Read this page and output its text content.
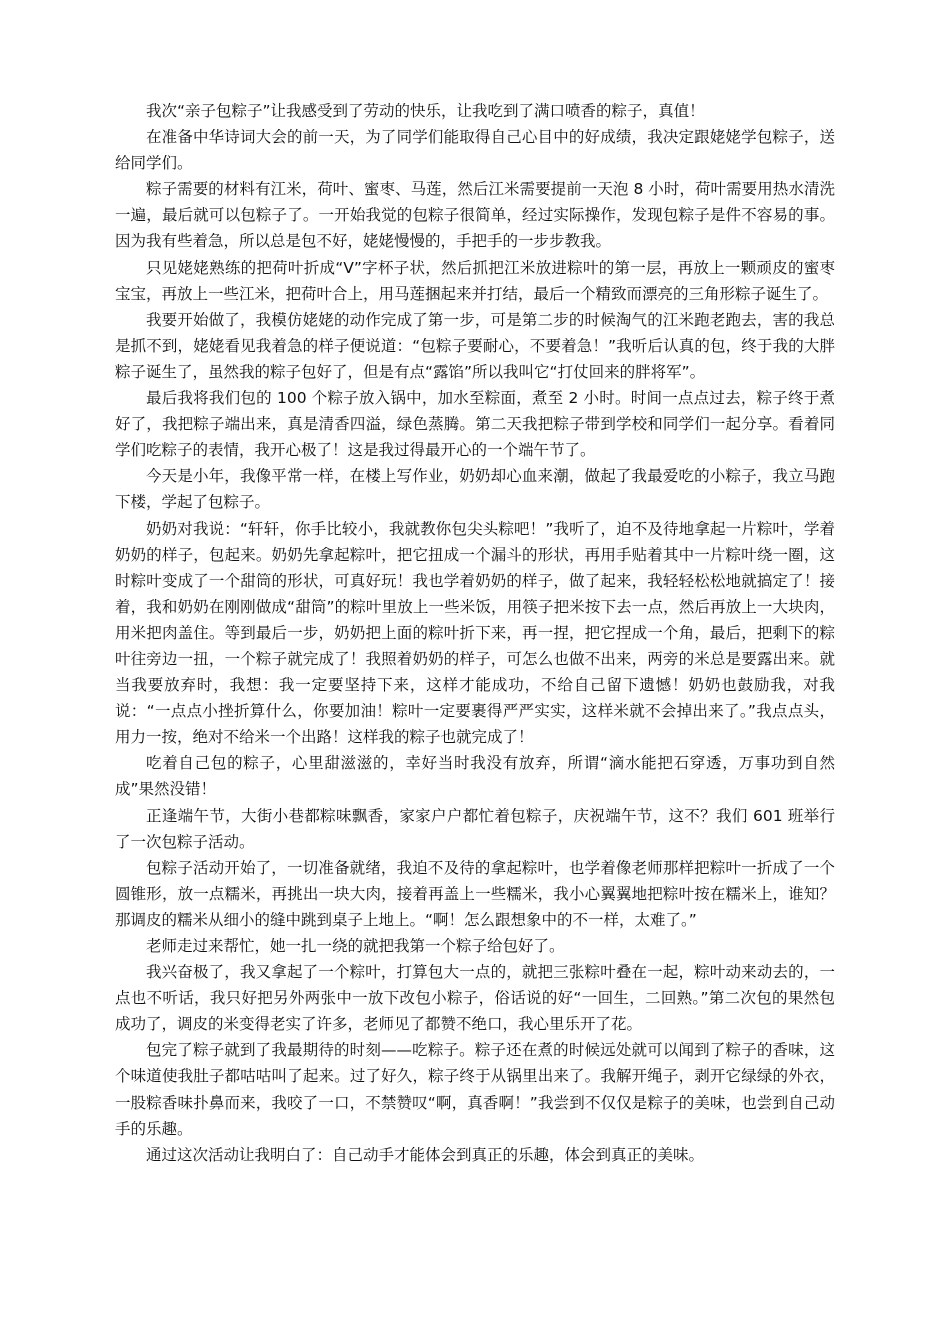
我次“亲子包粽子”让我感受到了劳动的快乐，让我吃到了满口喷香的粽子，真值！

在准备中华诗词大会的前一天，为了同学们能取得自己心目中的好成绩，我决定跟姥姥学包粽子，送给同学们。

粽子需要的材料有江米，荷叶、蜜枣、马莲，然后江米需要提前一天泡 8 小时，荷叶需要用热水清洗一遍，最后就可以包粽子了。一开始我觉的包粽子很简单，经过实际操作，发现包粽子是件不容易的事。因为我有些着急，所以总是包不好，姥姥慢慢的，手把手的一步步教我。

只见姥姥熟练的把荷叶折成“V”字杯子状，然后抓把江米放进粽叶的第一层，再放上一颗顽皮的蜜枣宝宝，再放上一些江米，把荷叶合上，用马莲捆起来并打结，最后一个精致而漂亮的三角形粽子诞生了。

我要开始做了，我模仿姥姥的动作完成了第一步，可是第二步的时候淘气的江米跑老跑去，害的我总是抓不到，姥姥看见我着急的样子便说道：“包粽子要耐心，不要着急！”我听后认真的包，终于我的大胖粽子诞生了，虽然我的粽子包好了，但是有点“露馅”所以我叫它“打仗回来的胖将军”。

最后我将我们包的 100 个粽子放入锅中，加水至粽面，煮至 2 小时。时间一点点过去，粽子终于煮好了，我把粽子端出来，真是清香四溢，绿色蒸腾。第二天我把粽子带到学校和同学们一起分享。看着同学们吃粽子的表情，我开心极了！这是我过得最开心的一个端午节了。

今天是小年，我像平常一样，在楼上写作业，奶奶却心血来潮，做起了我最爱吃的小粽子，我立马跑下楼，学起了包粽子。

奶奶对我说：“轩轩，你手比较小，我就教你包尖头粽吧！”我听了，迫不及待地拿起一片粽叶，学着奶奶的样子，包起来。奶奶先拿起粽叶，把它扭成一个漏斗的形状，再用手贴着其中一片粽叶绕一圈，这时粽叶变成了一个甜筒的形状，可真好玩！我也学着奶奶的样子，做了起来，我轻轻松松地就搞定了！接着，我和奶奶在刚刚做成“甜筒”的粽叶里放上一些米饭，用筷子把米按下去一点，然后再放上一大块肉，用米把肉盖住。等到最后一步，奶奶把上面的粽叶折下来，再一捏，把它捏成一个角，最后，把剩下的粽叶往旁边一扭，一个粽子就完成了！我照着奶奶的样子，可怎么也做不出来，两旁的米总是要露出来。就当我要放弃时，我想：我一定要坚持下来，这样才能成功，不给自己留下遗憾！奶奶也鼓励我，对我说：“一点点小挫折算什么，你要加油！粽叶一定要裹得严严实实，这样米就不会掉出来了。”我点点头，用力一按，绝对不给米一个出路！这样我的粽子也就完成了！

吃着自己包的粽子，心里甜滋滋的，幸好当时我没有放弃，所谓“滴水能把石穿透，万事功到自然成”果然没错！

正逢端午节，大街小巷都粽味飘香，家家户户都忙着包粽子，庆祝端午节，这不？我们 601 班举行了一次包粽子活动。

包粽子活动开始了，一切准备就绪，我迫不及待的拿起粽叶，也学着像老师那样把粽叶一折成了一个圆锥形，放一点糯米，再挑出一块大肉，接着再盖上一些糯米，我小心翼翼地把粽叶按在糯米上，谁知？那调皮的糯米从细小的缝中跳到桌子上地上。“啊！怎么跟想象中的不一样，太难了。”

老师走过来帮忙，她一扎一绕的就把我第一个粽子给包好了。

我兴奋极了，我又拿起了一个粽叶，打算包大一点的，就把三张粽叶叠在一起，粽叶动来动去的，一点也不听话，我只好把另外两张中一放下改包小粽子，俗话说的好“一回生，二回熟。”第二次包的果然包成功了，调皮的米变得老实了许多，老师见了都赞不绝口，我心里乐开了花。

包完了粽子就到了我最期待的时刻——吃粽子。粽子还在煮的时候远处就可以闻到了粽子的香味，这个味道使我肚子都咕咕叫了起来。过了好久，粽子终于从锅里出来了。我解开绳子，剥开它绿绿的外衣，一股粽香味扑鼻而来，我咬了一口，不禁赞叹“啊，真香啊！”我尝到不仅仅是粽子的美味，也尝到自己动手的乐趣。

通过这次活动让我明白了：自己动手才能体会到真正的乐趣，体会到真正的美味。
